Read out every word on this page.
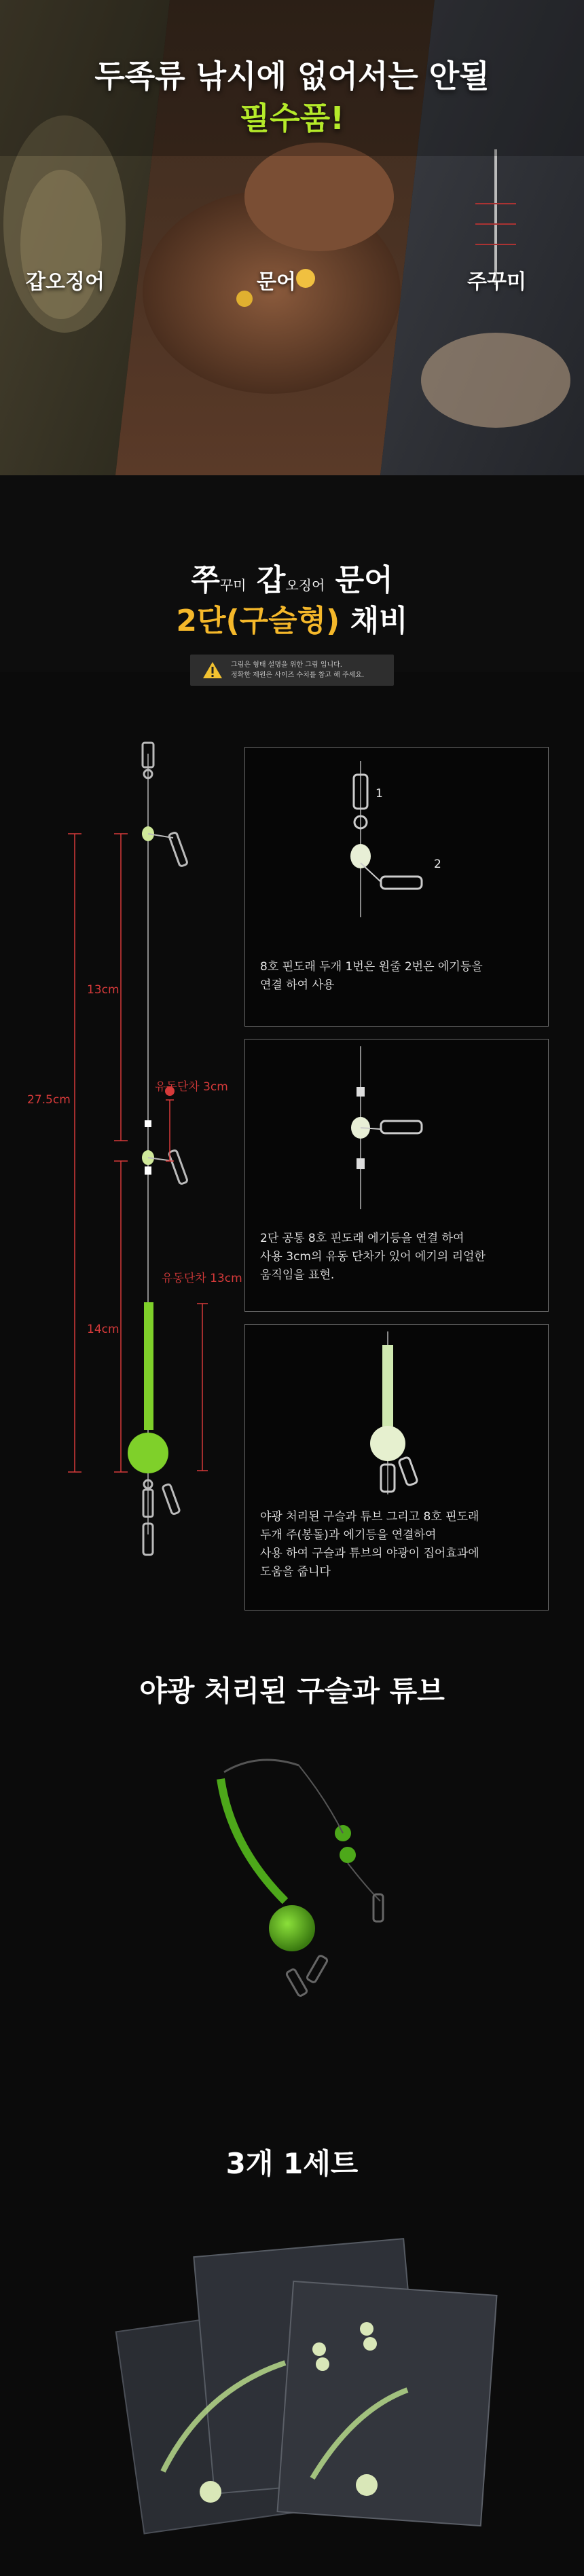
두족류 낚시에 없어서는 안될
필수품!
갑오징어	문어	주꾸미
쭈꾸미 갑오징어 문어
2단(구슬형) 채비
그림은 형태 설명을 위한 그림 입니다.
정확한 제원은 사이즈 수치를 참고 해 주세요.
27.5cm
13cm
14cm
유동단차 3cm
유동단차 13cm
1
2
8호 핀도래 두개 1번은 원줄 2번은 에기등을
연결 하여 사용
2단 공통 8호 핀도래 에기등을 연결 하여
사용 3cm의 유동 단차가 있어 에기의 리얼한
움직임을 표현.
야광 처리된 구슬과 튜브 그리고 8호 핀도래
두개 주(봉돌)과 에기등을 연결하여
사용 하여 구슬과 튜브의 야광이 집어효과에
도움을 줍니다
야광 처리된 구슬과 튜브
3개 1세트
